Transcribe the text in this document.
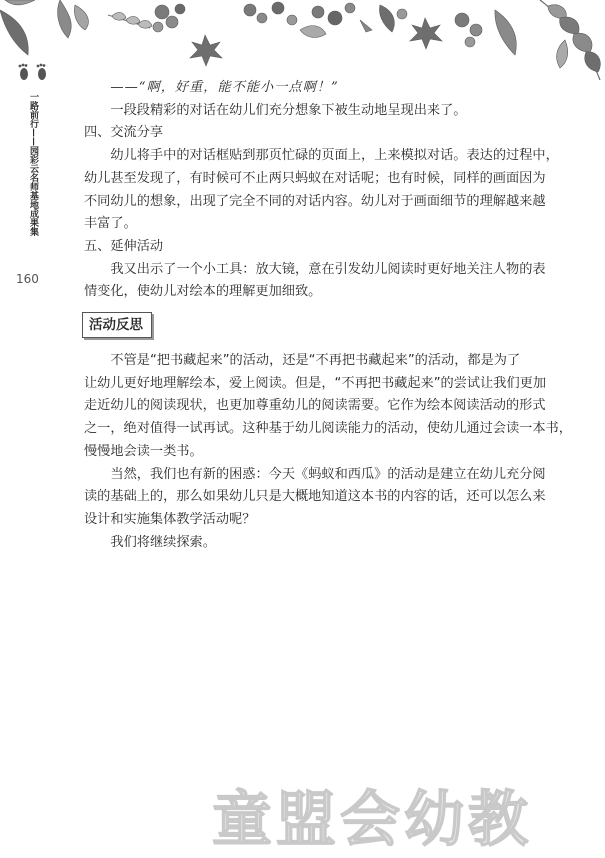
一路前行——园彩云名师基地成果集
160

——“啊，好重，能不能小一点啊！”

一段段精彩的对话在幼儿们充分想象下被生动地呈现出来了。

四、交流分享

幼儿将手中的对话框贴到那页忙碌的页面上，上来模拟对话。表达的过程中，

幼儿甚至发现了，有时候可不止两只蚂蚁在对话呢；也有时候，同样的画面因为

不同幼儿的想象，出现了完全不同的对话内容。幼儿对于画面细节的理解越来越

丰富了。

五、延伸活动

我又出示了一个小工具：放大镜，意在引发幼儿阅读时更好地关注人物的表

情变化，使幼儿对绘本的理解更加细致。

活动反思

不管是“把书藏起来”的活动，还是“不再把书藏起来”的活动，都是为了

让幼儿更好地理解绘本，爱上阅读。但是，“不再把书藏起来”的尝试让我们更加

走近幼儿的阅读现状，也更加尊重幼儿的阅读需要。它作为绘本阅读活动的形式

之一，绝对值得一试再试。这种基于幼儿阅读能力的活动，使幼儿通过会读一本书，

慢慢地会读一类书。

当然，我们也有新的困惑：今天《蚂蚁和西瓜》的活动是建立在幼儿充分阅

读的基础上的，那么如果幼儿只是大概地知道这本书的内容的话，还可以怎么来

设计和实施集体教学活动呢？

我们将继续探索。

童盟会幼教
